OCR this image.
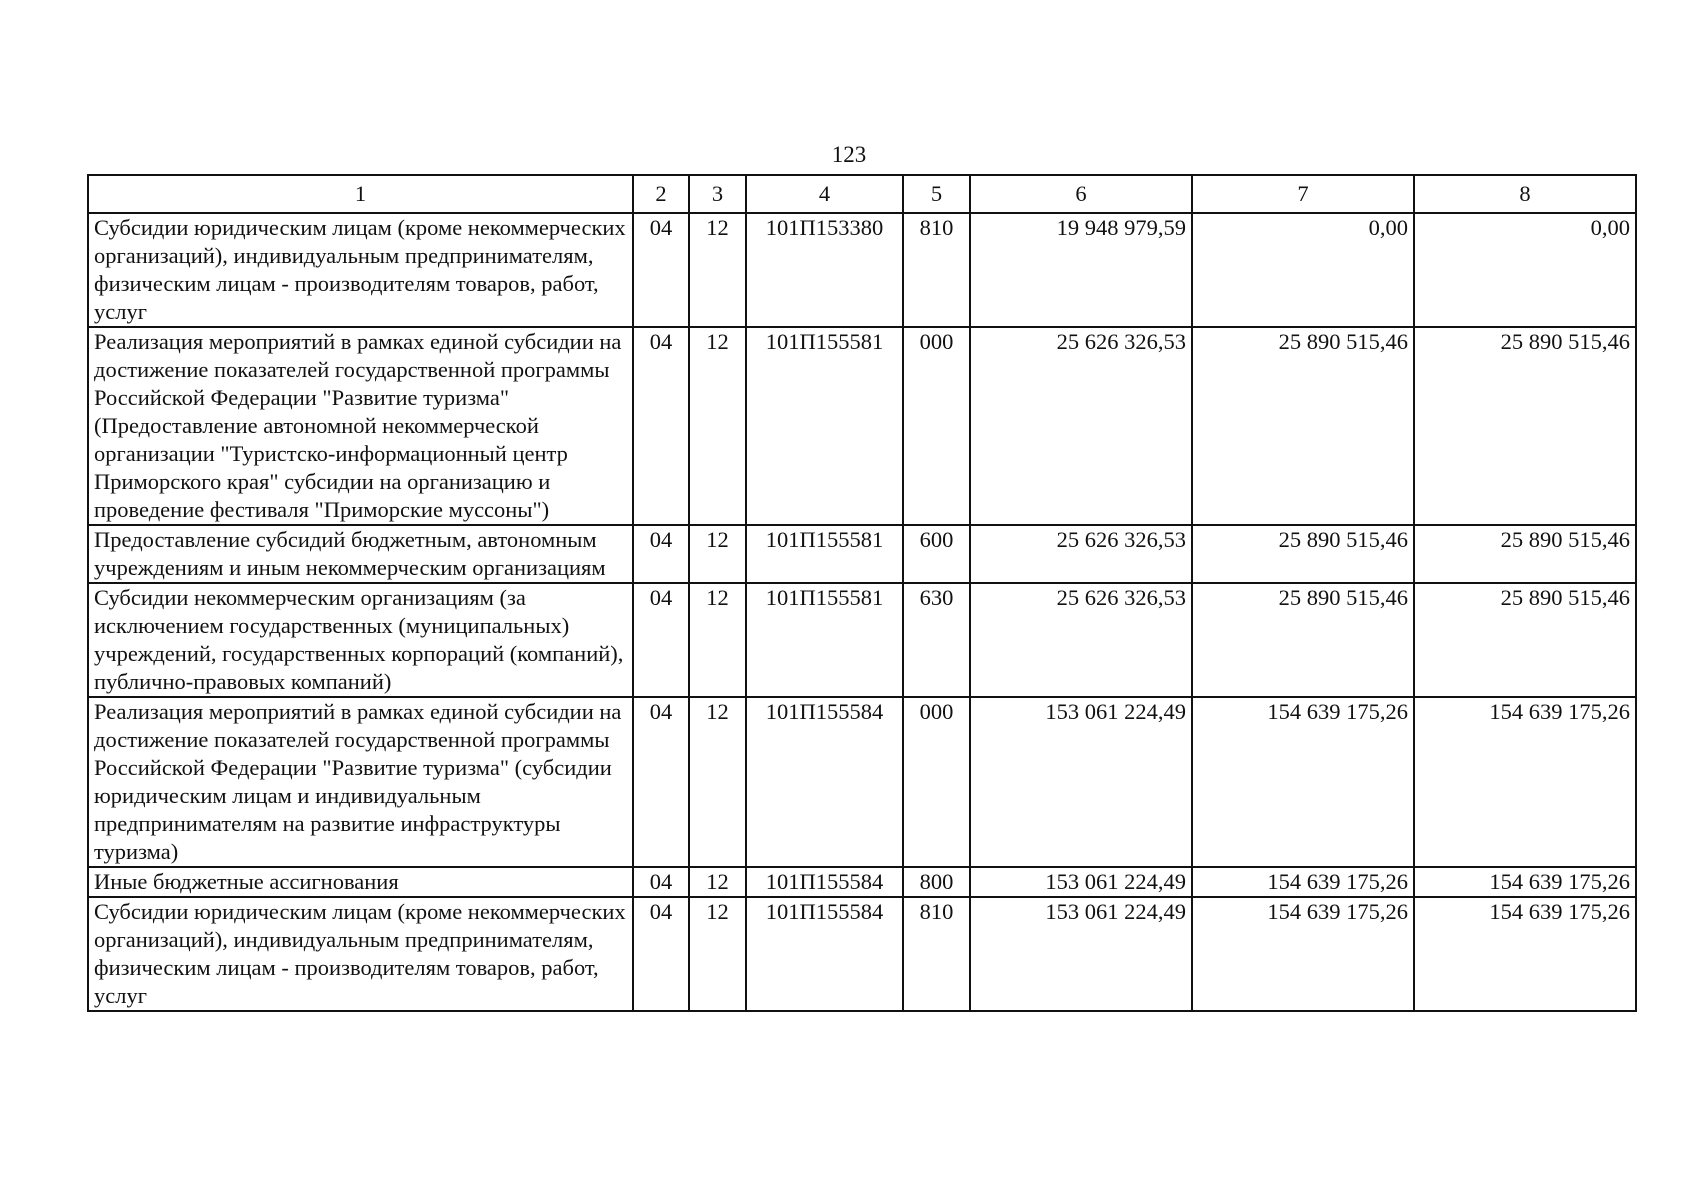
123
1	2	3	4	5	6	7	8
Субсидии юридическим лицам (кроме некоммерческих организаций), индивидуальным предпринимателям, физическим лицам - производителям товаров, работ, услуг	04	12	101П153380	810	19 948 979,59	0,00	0,00
Реализация мероприятий в рамках единой субсидии на достижение показателей государственной программы Российской Федерации "Развитие туризма" (Предоставление автономной некоммерческой организации "Туристско-информационный центр Приморского края" субсидии на организацию и проведение фестиваля "Приморские муссоны")	04	12	101П155581	000	25 626 326,53	25 890 515,46	25 890 515,46
Предоставление субсидий бюджетным, автономным учреждениям и иным некоммерческим организациям	04	12	101П155581	600	25 626 326,53	25 890 515,46	25 890 515,46
Субсидии некоммерческим организациям (за исключением государственных (муниципальных) учреждений, государственных корпораций (компаний), публично-правовых компаний)	04	12	101П155581	630	25 626 326,53	25 890 515,46	25 890 515,46
Реализация мероприятий в рамках единой субсидии на достижение показателей государственной программы Российской Федерации "Развитие туризма" (субсидии юридическим лицам и индивидуальным предпринимателям на развитие инфраструктуры туризма)	04	12	101П155584	000	153 061 224,49	154 639 175,26	154 639 175,26
Иные бюджетные ассигнования	04	12	101П155584	800	153 061 224,49	154 639 175,26	154 639 175,26
Субсидии юридическим лицам (кроме некоммерческих организаций), индивидуальным предпринимателям, физическим лицам - производителям товаров, работ, услуг	04	12	101П155584	810	153 061 224,49	154 639 175,26	154 639 175,26
